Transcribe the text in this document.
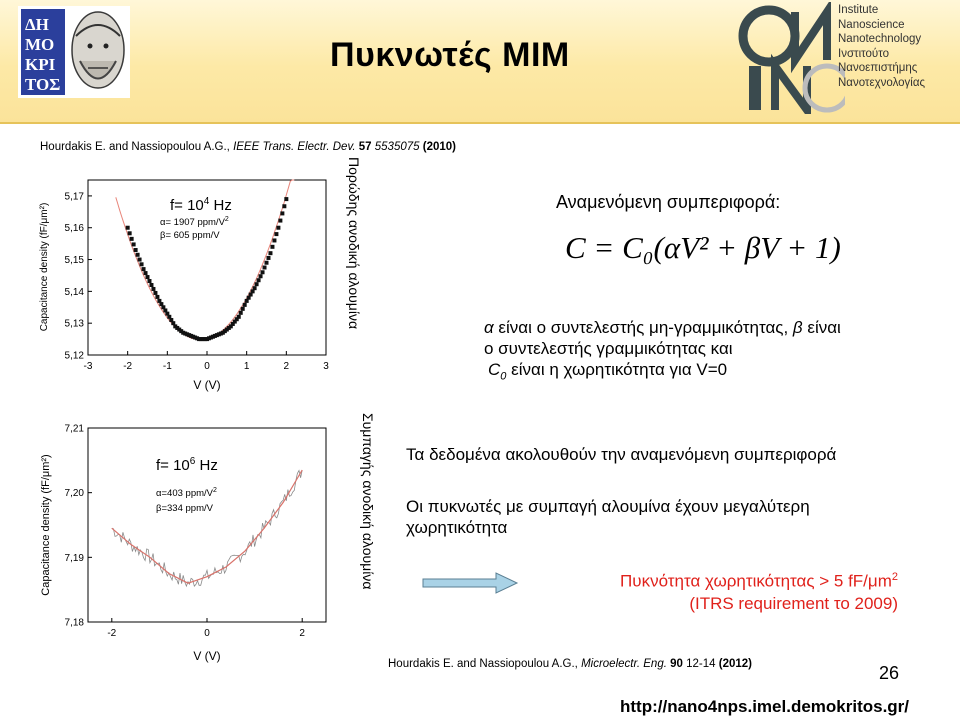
ΔΗ
ΜΟ
ΚΡΙ
ΤΟΣ
Πυκνωτές MIM
Institute
Nanoscience
Nanotechnology
Ινστιτούτο
Νανοεπιστήμης
Νανοτεχνολογίας
Hourdakis E. and Nassiopoulou A.G., IEEE Trans. Electr. Dev. 57 5535075 (2010)
Hourdakis E. and Nassiopoulou A.G., Microelectr. Eng. 90 12-14 (2012)
5,12
5,13
5,14
5,15
5,16
5,17
-3	-2	-1	0	1	2	3
$f= 10^4$ Hz
α= 1907 ppm/$V^2$
β= 605 ppm/V
V (V)
Capacitance density (fF/μm²)	Πορώδης ανοδική αλουμίνα
7,18
7,19
7,20
7,21
-2	0	2
$f= 10^6$ Hz
α=403 ppm/$V^2$
β=334 ppm/V
V (V)
Capacitance density (fF/μm²)	Συμπαγής ανοδική αλουμίνα
Αναμενόμενη συμπεριφορά:
C = C₀(αV² + βV + 1)
α είναι ο συντελεστής μη-γραμμικότητας, β είναι
ο συντελεστής γραμμικότητας και
$C_0$ είναι η χωρητικότητα για V=0
Τα δεδομένα ακολουθούν την αναμενόμενη συμπεριφορά
Οι πυκνωτές με συμπαγή αλουμίνα έχουν μεγαλύτερη
χωρητικότητα
Πυκνότητα χωρητικότητας > 5 $fF/\mu m^2$
(ITRS requirement το 2009)
26
http://nano4nps.imel.demokritos.gr/
